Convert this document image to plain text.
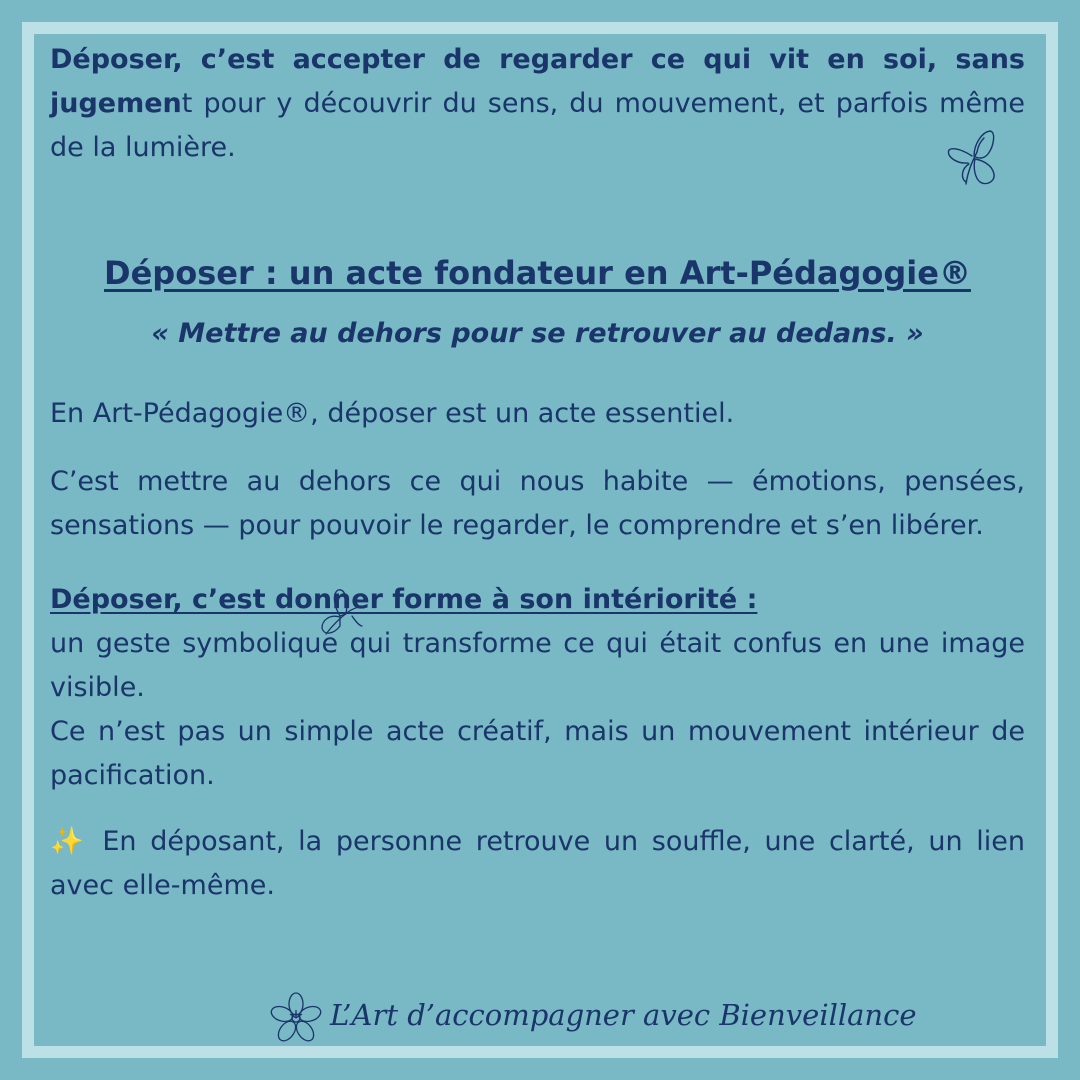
Déposer, c’est accepter de regarder ce qui vit en soi, sans jugement pour y découvrir du sens, du mouvement, et parfois même de la lumière.

Déposer : un acte fondateur en Art-Pédagogie®

« Mettre au dehors pour se retrouver au dedans. »

En Art-Pédagogie®, déposer est un acte essentiel.

C’est mettre au dehors ce qui nous habite — émotions, pensées, sensations — pour pouvoir le regarder, le comprendre et s’en libérer.

Déposer, c’est donner forme à son intériorité :

un geste symbolique qui transforme ce qui était confus en une image visible.

Ce n’est pas un simple acte créatif, mais un mouvement intérieur de pacification.

✨ En déposant, la personne retrouve un souffle, une clarté, un lien avec elle-même.

L’Art d’accompagner avec Bienveillance
